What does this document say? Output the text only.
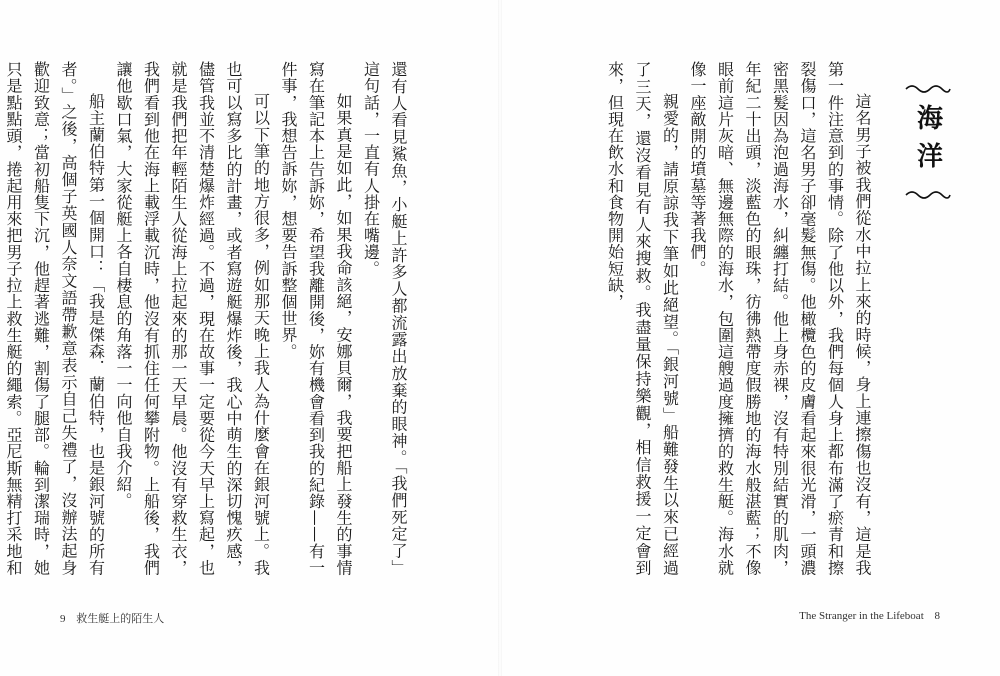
還有人看見鯊魚，小艇上許多人都流露出放棄的眼神。「我們死定了」這句話，一直有人掛在嘴邊。

如果真是如此，如果我命該絕，安娜貝爾，我要把船上發生的事情寫在筆記本上告訴妳，希望我離開後，妳有機會看到我的紀錄——有一件事，我想告訴妳，想要告訴整個世界。

可以下筆的地方很多，例如那天晚上我人為什麼會在銀河號上。我也可以寫多比的計畫，或者寫遊艇爆炸後，我心中萌生的深切愧疚感，儘管我並不清楚爆炸經過。不過，現在故事一定要從今天早上寫起，也就是我們把年輕陌生人從海上拉起來的那一天早晨。他沒有穿救生衣，我們看到他在海上載浮載沉時，他沒有抓住任何攀附物。上船後，我們讓他歇口氣，大家從艇上各自棲息的角落一一向他自我介紹。

船主蘭伯特第一個開口：「我是傑森．蘭伯特，也是銀河號的所有者。」之後，高個子英國人奈文語帶歉意表示自己失禮了，沒辦法起身歡迎致意；當初船隻下沉，他趕著逃難，割傷了腿部。輪到潔瑞時，她只是點點頭，捲起用來把男子拉上救生艇的繩索。亞尼斯無精打采地和

9 救生艇上的陌生人
海洋

這名男子被我們從水中拉上來的時候，身上連擦傷也沒有，這是我第一件注意到的事情。除了他以外，我們每個人身上都布滿了瘀青和擦裂傷口，這名男子卻毫髮無傷。他橄欖色的皮膚看起來很光滑，一頭濃密黑髮因為泡過海水，糾纏打結。他上身赤裸，沒有特別結實的肌肉，年紀二十出頭，淡藍色的眼珠，彷彿熱帶度假勝地的海水般湛藍；不像眼前這片灰暗、無邊無際的海水，包圍這艘過度擁擠的救生艇。海水就像一座敵開的墳墓等著我們。

親愛的，請原諒我下筆如此絕望。「銀河號」船難發生以來已經過了三天，還沒看見有人來搜救。我盡量保持樂觀，相信救援一定會到來，但現在飲水和食物開始短缺，

The Stranger in the Lifeboat 8
